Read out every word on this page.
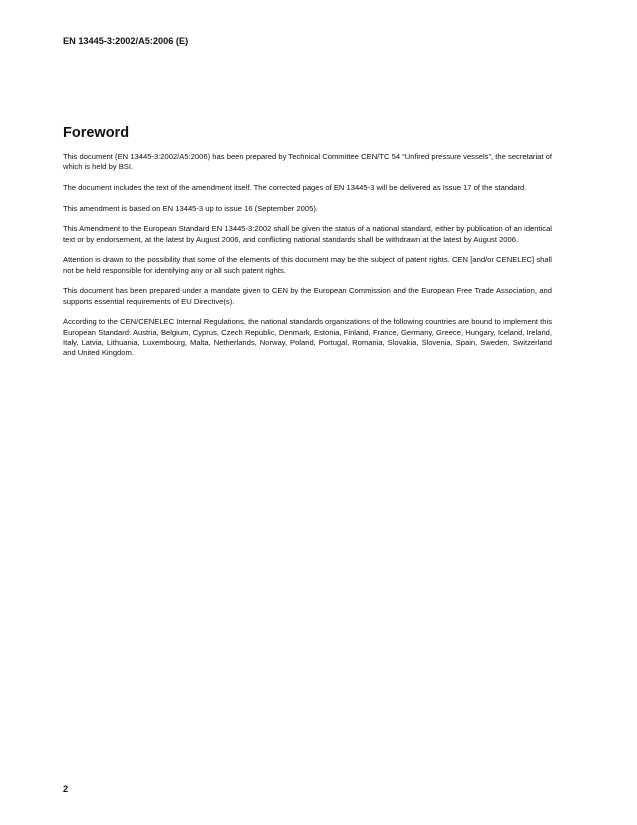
EN 13445-3:2002/A5:2006 (E)
Foreword

This document (EN 13445-3:2002/A5:2006) has been prepared by Technical Committee CEN/TC 54 “Unfired pressure vessels”, the secretariat of which is held by BSI.

The document includes the text of the amendment itself. The corrected pages of EN 13445-3 will be delivered as Issue 17 of the standard.

This amendment is based on EN 13445-3 up to issue 16 (September 2005).

This Amendment to the European Standard EN 13445-3:2002 shall be given the status of a national standard, either by publication of an identical text or by endorsement, at the latest by August 2006, and conflicting national standards shall be withdrawn at the latest by August 2006.

Attention is drawn to the possibility that some of the elements of this document may be the subject of patent rights. CEN [and/or CENELEC] shall not be held responsible for identifying any or all such patent rights.

This document has been prepared under a mandate given to CEN by the European Commission and the European Free Trade Association, and supports essential requirements of EU Directive(s).

According to the CEN/CENELEC Internal Regulations, the national standards organizations of the following countries are bound to implement this European Standard: Austria, Belgium, Cyprus, Czech Republic, Denmark, Estonia, Finland, France, Germany, Greece, Hungary, Iceland, Ireland, Italy, Latvia, Lithuania, Luxembourg, Malta, Netherlands, Norway, Poland, Portugal, Romania, Slovakia, Slovenia, Spain, Sweden, Switzerland and United Kingdom.

2
